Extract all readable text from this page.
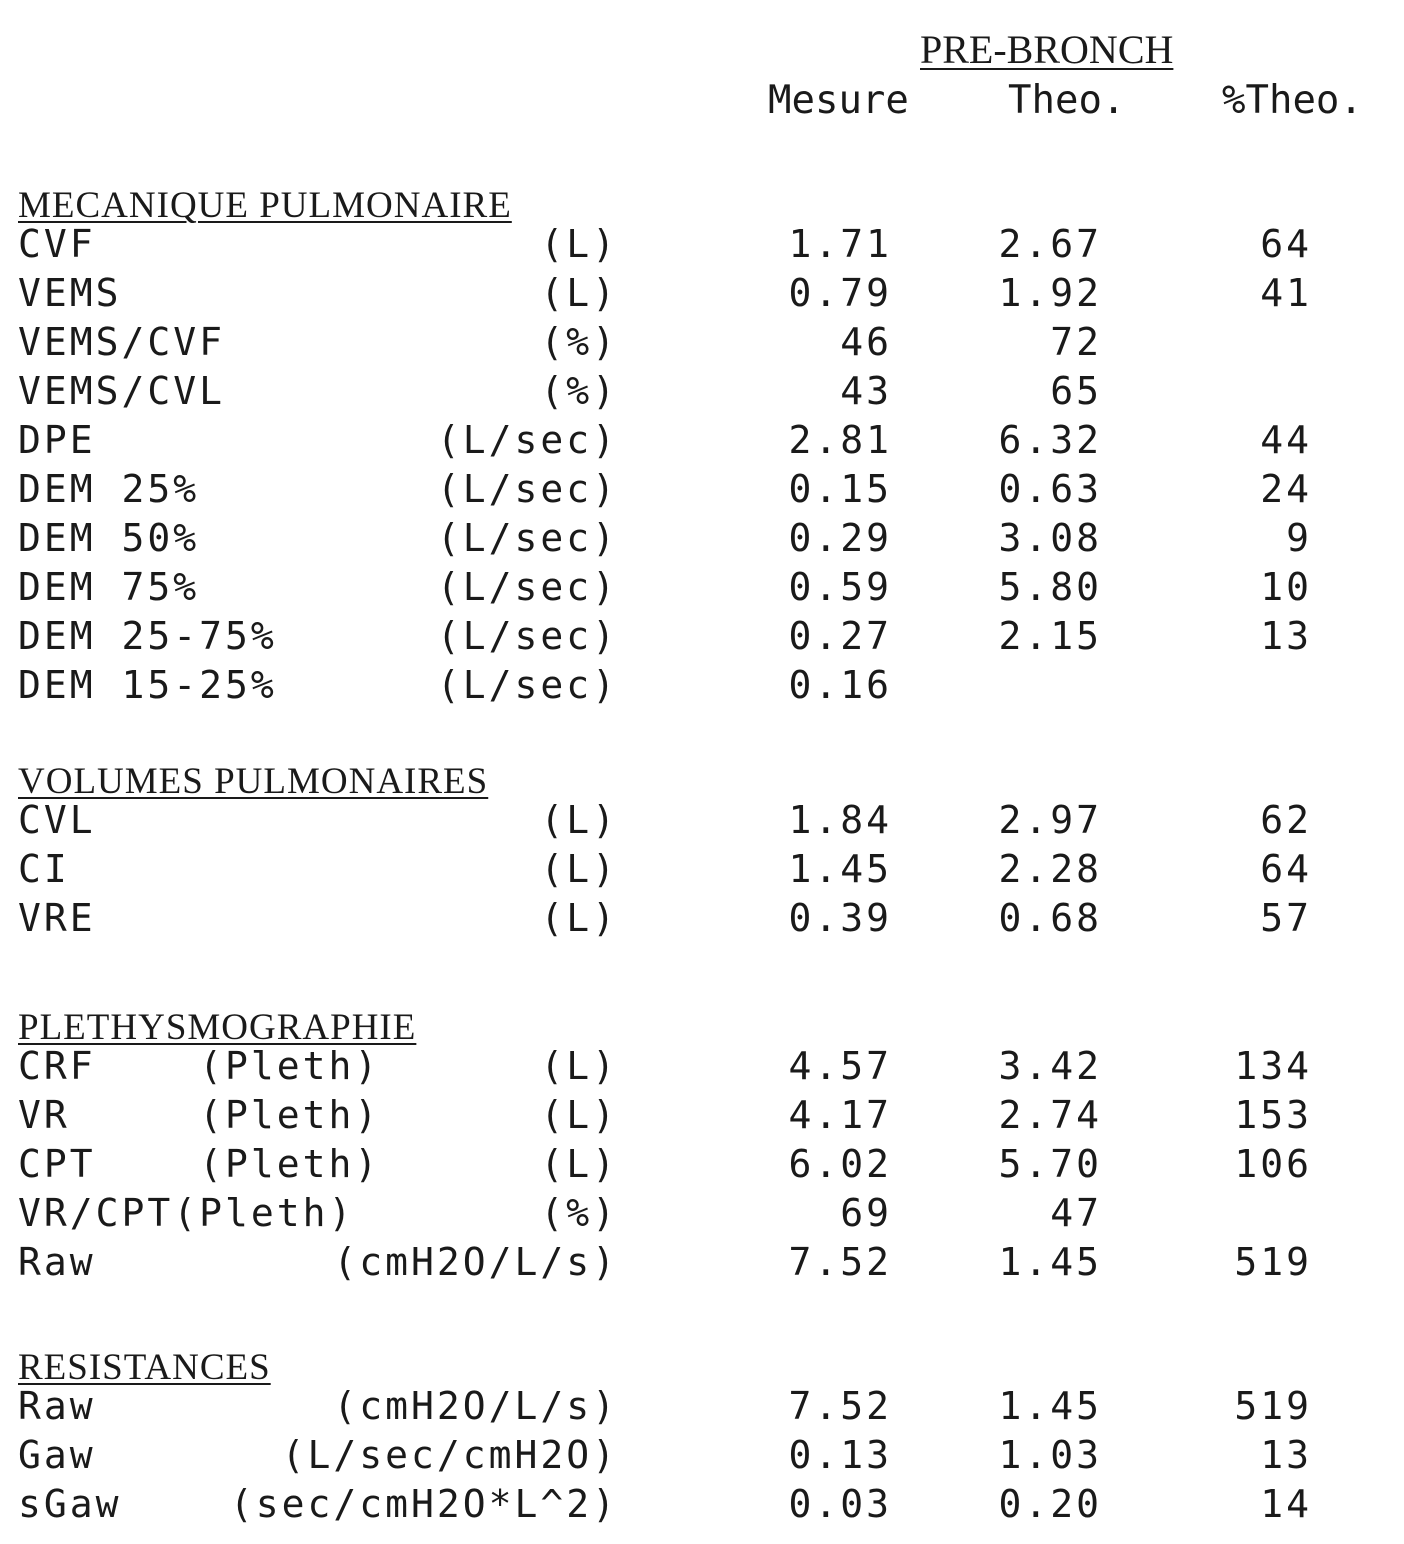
PRE-BRONCH
Mesure	Theo. %Theo.
MECANIQUE PULMONAIRE
CVF	(L)	1.71	2.67	64
VEMS	(L)	0.79	1.92	41
VEMS/CVF	(%)	46	72
VEMS/CVL	(%)	43	65
DPE	(L/sec)	2.81	6.32	44
DEM 25%	(L/sec)	0.15	0.63	24
DEM 50%	(L/sec)	0.29	3.08	9
DEM 75%	(L/sec)	0.59	5.80	10
DEM 25-75%	(L/sec)	0.27	2.15	13
DEM 15-25%	(L/sec)	0.16
VOLUMES PULMONAIRES
CVL	(L)	1.84	2.97	62
CI	(L)	1.45	2.28	64
VRE	(L)	0.39	0.68	57
PLETHYSMOGRAPHIE
CRF    (Pleth)	(L)	4.57	3.42	134
VR     (Pleth)	(L)	4.17	2.74	153
CPT    (Pleth)	(L)	6.02	5.70	106
VR/CPT(Pleth)	(%)	69	47
Raw	(cmH2O/L/s)	7.52	1.45	519
RESISTANCES
Raw	(cmH2O/L/s)	7.52	1.45	519
Gaw	(L/sec/cmH2O)	0.13	1.03	13
sGaw	(sec/cmH2O*L^2)	0.03	0.20	14
